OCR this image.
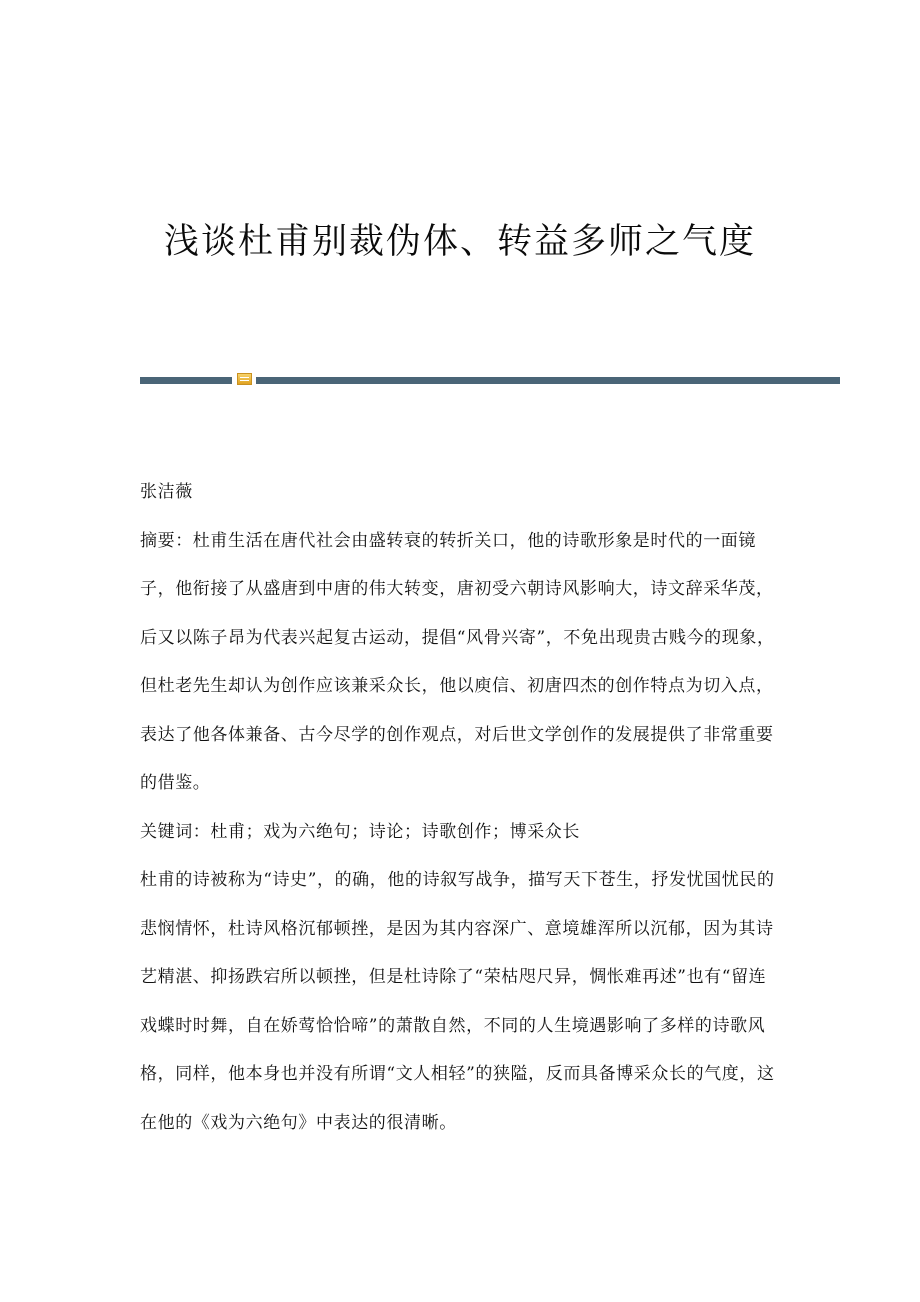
浅谈杜甫别裁伪体、转益多师之气度

张洁薇

摘要：杜甫生活在唐代社会由盛转衰的转折关口，他的诗歌形象是时代的一面镜子，他衔接了从盛唐到中唐的伟大转变，唐初受六朝诗风影响大，诗文辞采华茂，后又以陈子昂为代表兴起复古运动，提倡“风骨兴寄”，不免出现贵古贱今的现象，但杜老先生却认为创作应该兼采众长，他以庾信、初唐四杰的创作特点为切入点，表达了他各体兼备、古今尽学的创作观点，对后世文学创作的发展提供了非常重要的借鉴。

关键词：杜甫；戏为六绝句；诗论；诗歌创作；博采众长

杜甫的诗被称为“诗史”，的确，他的诗叙写战争，描写天下苍生，抒发忧国忧民的悲悯情怀，杜诗风格沉郁顿挫，是因为其内容深广、意境雄浑所以沉郁，因为其诗艺精湛、抑扬跌宕所以顿挫，但是杜诗除了“荣枯咫尺异，惆怅难再述”也有“留连戏蝶时时舞，自在娇莺恰恰啼”的萧散自然，不同的人生境遇影响了多样的诗歌风格，同样，他本身也并没有所谓“文人相轻”的狭隘，反而具备博采众长的气度，这在他的《戏为六绝句》中表达的很清晰。
